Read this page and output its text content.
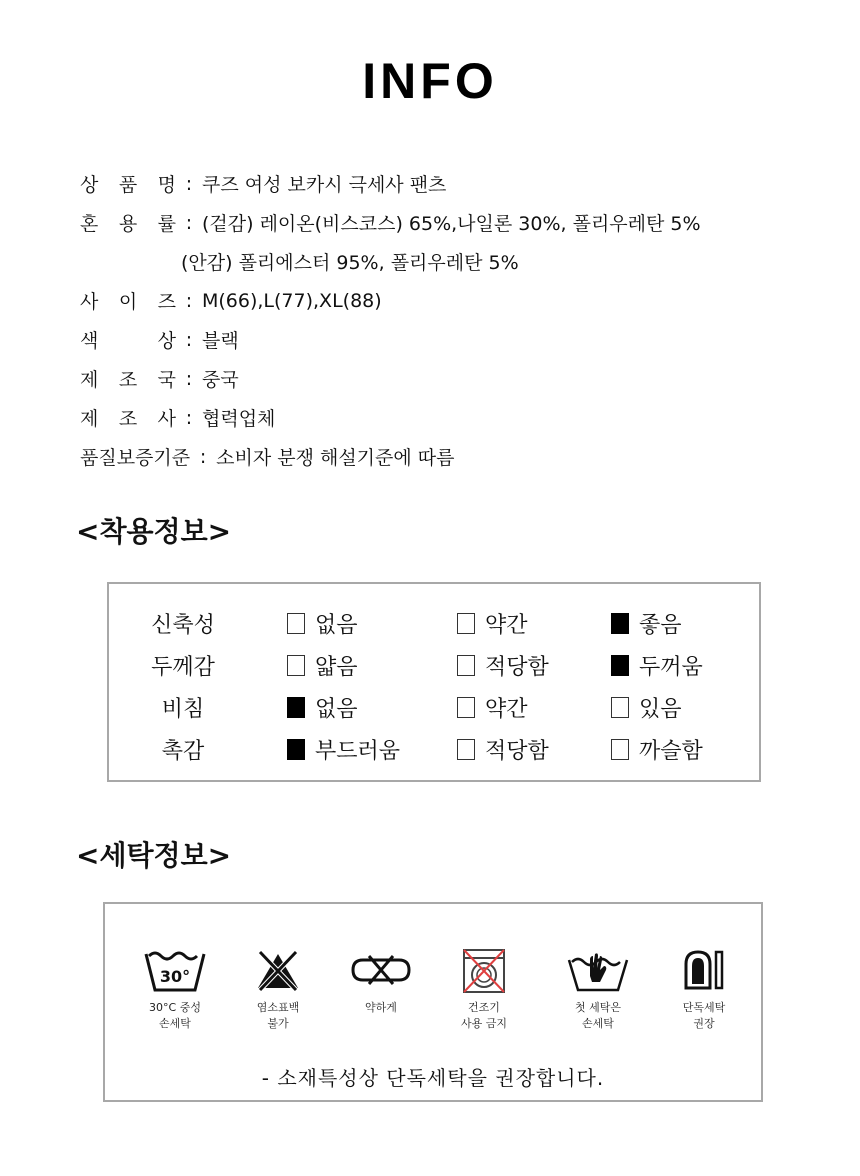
INFO
상 품 명 : 쿠즈 여성 보카시 극세사 팬츠
혼 용 률 : (겉감) 레이온(비스코스) 65%,나일론 30%, 폴리우레탄 5%
(안감) 폴리에스터 95%, 폴리우레탄 5%
사 이 즈 : M(66),L(77),XL(88)
색	상 : 블랙
제 조 국 : 중국
제 조 사 : 협력업체
품질보증기준 : 소비자 분쟁 해설기준에 따름
<착용정보>
신축성	없음	약간	좋음
두께감	얇음	적당함	두꺼움
비침	없음	약간	있음
촉감	부드러움	적당함	까슬함
<세탁정보>
30°
30°C 중성
손세탁
염소표백
불가
약하게	건조기
사용 금지
첫 세탁은
손세탁
단독세탁
권장
- 소재특성상 단독세탁을 권장합니다.
